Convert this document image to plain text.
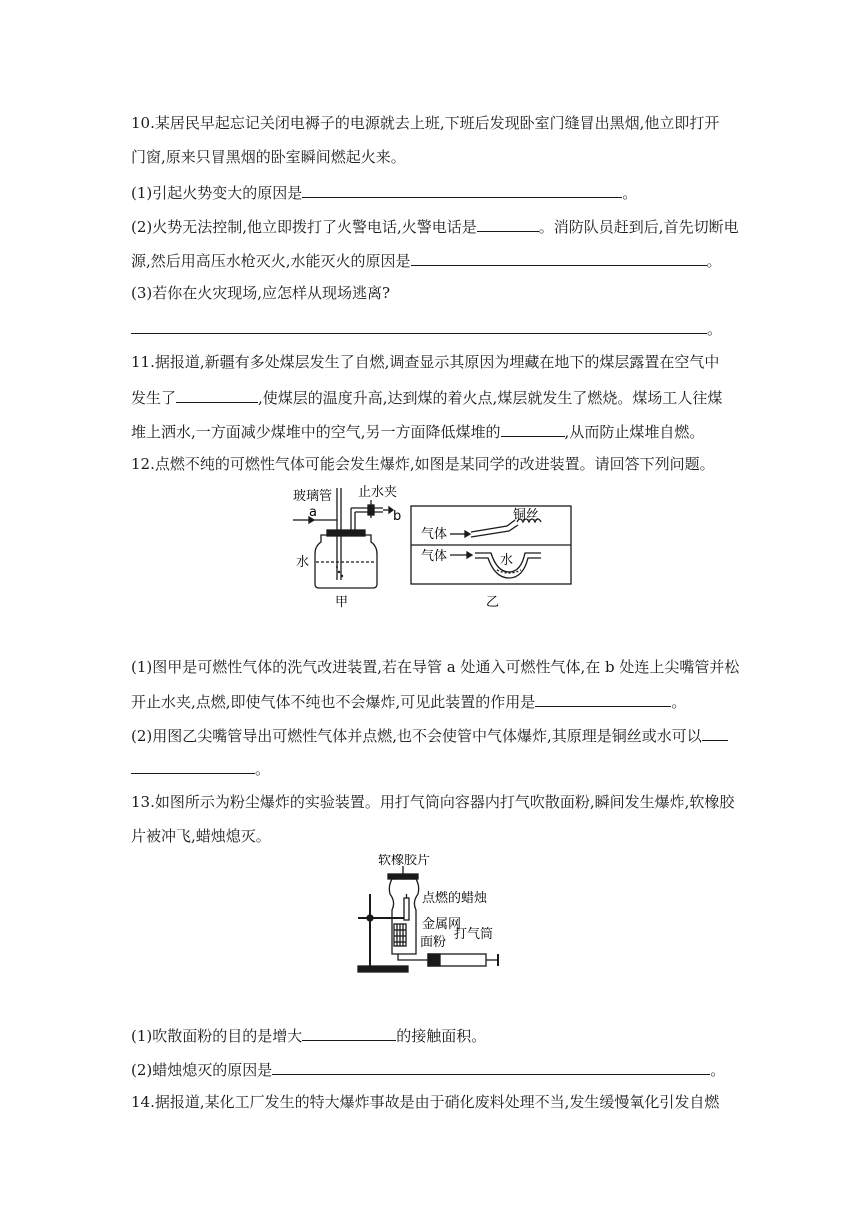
10.某居民早起忘记关闭电褥子的电源就去上班,下班后发现卧室门缝冒出黑烟,他立即打开
门窗,原来只冒黑烟的卧室瞬间燃起火来。
(1)引起火势变大的原因是	。
(2)火势无法控制,他立即拨打了火警电话,火警电话是	。消防队员赶到后,首先切断电
源,然后用高压水枪灭火,水能灭火的原因是	。
(3)若你在火灾现场,应怎样从现场逃离?
。
11.据报道,新疆有多处煤层发生了自燃,调查显示其原因为埋藏在地下的煤层露置在空气中
发生了	,使煤层的温度升高,达到煤的着火点,煤层就发生了燃烧。煤场工人往煤
堆上洒水,一方面减少煤堆中的空气,另一方面降低煤堆的	,从而防止煤堆自燃。
12.点燃不纯的可燃性气体可能会发生爆炸,如图是某同学的改进装置。请回答下列问题。
玻璃管 止水夹
a	b
水
甲
铜丝
气体
气体	水
乙
(1)图甲是可燃性气体的洗气改进装置,若在导管 a 处通入可燃性气体,在 b 处连上尖嘴管并松
开止水夹,点燃,即使气体不纯也不会爆炸,可见此装置的作用是	。
(2)用图乙尖嘴管导出可燃性气体并点燃,也不会使管中气体爆炸,其原理是铜丝或水可以
。
13.如图所示为粉尘爆炸的实验装置。用打气筒向容器内打气吹散面粉,瞬间发生爆炸,软橡胶
片被冲飞,蜡烛熄灭。
软橡胶片
点燃的蜡烛
金属网
面粉
打气筒
(1)吹散面粉的目的是增大	的接触面积。
(2)蜡烛熄灭的原因是	。
14.据报道,某化工厂发生的特大爆炸事故是由于硝化废料处理不当,发生缓慢氧化引发自燃
